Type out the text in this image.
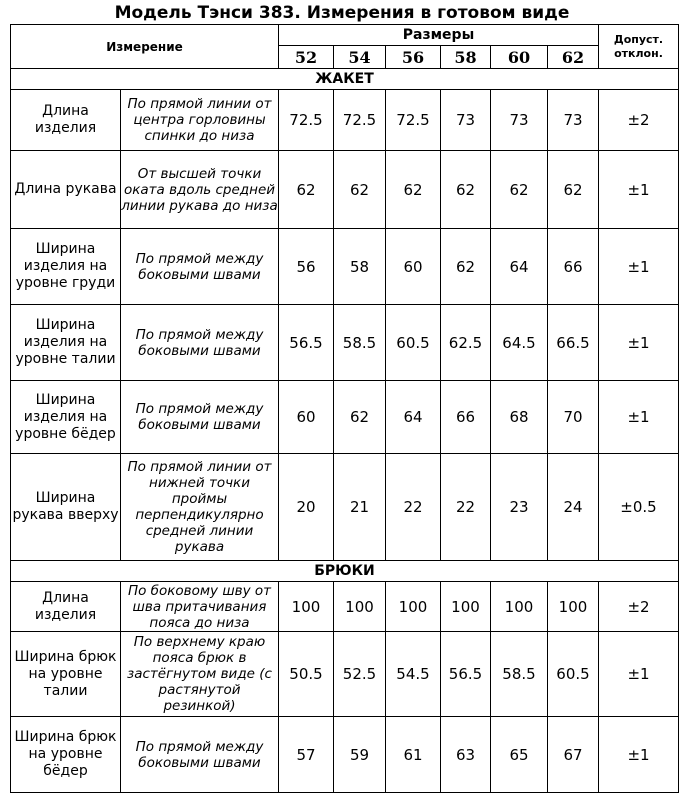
Модель Тэнси 383. Измерения в готовом виде
Измерение		Размеры						Допуст. отклон.
		52	54	56	58	60	62	
ЖАКЕТ								
Длина изделия	По прямой линии от центра горловины спинки до низа	72.5	72.5	72.5	73	73	73	±2
Длина рукава	От высшей точки оката вдоль средней линии рукава до низа	62	62	62	62	62	62	±1
Ширина изделия на уровне груди	По прямой между боковыми швами	56	58	60	62	64	66	±1
Ширина изделия на уровне талии	По прямой между боковыми швами	56.5	58.5	60.5	62.5	64.5	66.5	±1
Ширина изделия на уровне бёдер	По прямой между боковыми швами	60	62	64	66	68	70	±1
Ширина рукава вверху	По прямой линии от нижней точки проймы перпендикулярно средней линии рукава	20	21	22	22	23	24	±0.5
БРЮКИ								
Длина изделия	По боковому шву от шва притачивания пояса до низа	100	100	100	100	100	100	±2
Ширина брюк на уровне талии	По верхнему краю пояса брюк в застёгнутом виде (с растянутой резинкой)	50.5	52.5	54.5	56.5	58.5	60.5	±1
Ширина брюк на уровне бёдер	По прямой между боковыми швами	57	59	61	63	65	67	±1
